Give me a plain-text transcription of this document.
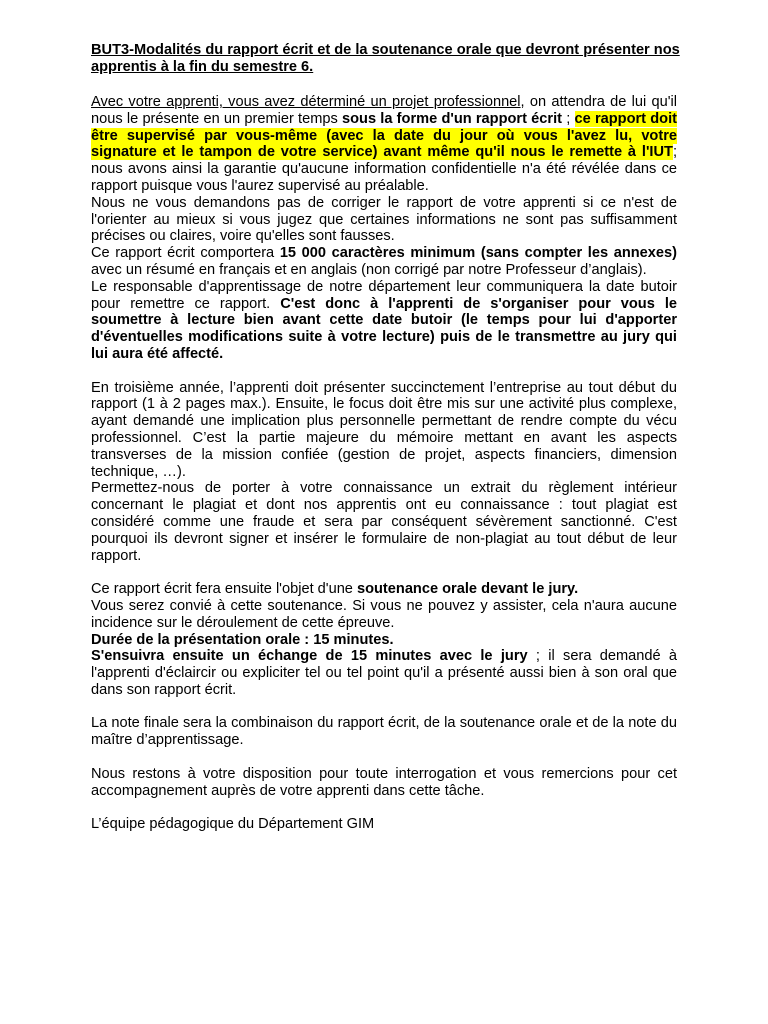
BUT3-Modalités du rapport écrit et de la soutenance orale que devront présenter nos apprentis à la fin du semestre 6.

Avec votre apprenti, vous avez déterminé un projet professionnel, on attendra de lui qu'il nous le présente en un premier temps sous la forme d'un rapport écrit ; ce rapport doit être supervisé par vous-même (avec la date du jour où vous l'avez lu, votre signature et le tampon de votre service) avant même qu'il nous le remette à l'IUT; nous avons ainsi la garantie qu'aucune information confidentielle n'a été révélée dans ce rapport puisque vous l'aurez supervisé au préalable.

Nous ne vous demandons pas de corriger le rapport de votre apprenti si ce n'est de l'orienter au mieux si vous jugez que certaines informations ne sont pas suffisamment précises ou claires, voire qu'elles sont fausses.

Ce rapport écrit comportera 15 000 caractères minimum (sans compter les annexes) avec un résumé en français et en anglais (non corrigé par notre Professeur d’anglais).

Le responsable d'apprentissage de notre département leur communiquera la date butoir pour remettre ce rapport. C'est donc à l'apprenti de s'organiser pour vous le soumettre à lecture bien avant cette date butoir (le temps pour lui d'apporter d'éventuelles modifications suite à votre lecture) puis de le transmettre au jury qui lui aura été affecté.

En troisième année, l’apprenti doit présenter succinctement l’entreprise au tout début du rapport (1 à 2 pages max.). Ensuite, le focus doit être mis sur une activité plus complexe, ayant demandé une implication plus personnelle permettant de rendre compte du vécu professionnel. C’est la partie majeure du mémoire mettant en avant les aspects transverses de la mission confiée (gestion de projet, aspects financiers, dimension technique, …).

Permettez-nous de porter à votre connaissance un extrait du règlement intérieur concernant le plagiat et dont nos apprentis ont eu connaissance : tout plagiat est considéré comme une fraude et sera par conséquent sévèrement sanctionné. C'est pourquoi ils devront signer et insérer le formulaire de non-plagiat au tout début de leur rapport.

Ce rapport écrit fera ensuite l'objet d'une soutenance orale devant le jury.

Vous serez convié à cette soutenance. Si vous ne pouvez y assister, cela n'aura aucune incidence sur le déroulement de cette épreuve.

Durée de la présentation orale : 15 minutes.

S'ensuivra ensuite un échange de 15 minutes avec le jury ; il sera demandé à l'apprenti d'éclaircir ou expliciter tel ou tel point qu'il a présenté aussi bien à son oral que dans son rapport écrit.

La note finale sera la combinaison du rapport écrit, de la soutenance orale et de la note du maître d’apprentissage.

Nous restons à votre disposition pour toute interrogation et vous remercions pour cet accompagnement auprès de votre apprenti dans cette tâche.

L’équipe pédagogique du Département GIM
